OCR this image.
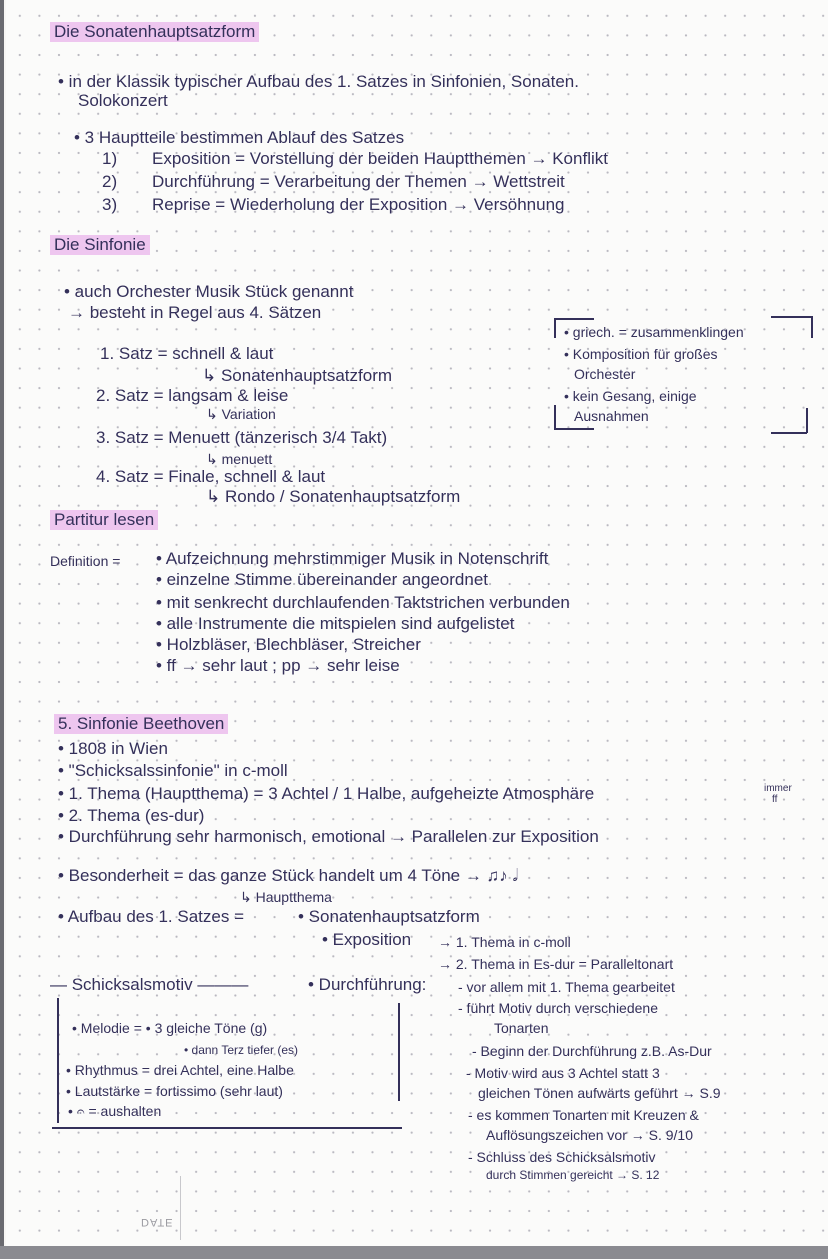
Die Sonatenhauptsatzform
• in der Klassik typischer Aufbau des 1. Satzes in Sinfonien, Sonaten.
Solokonzert
• 3 Hauptteile bestimmen Ablauf des Satzes
1) Exposition = Vorstellung der beiden Hauptthemen → Konflikt
2) Durchführung = Verarbeitung der Themen → Wettstreit
3) Reprise = Wiederholung der Exposition → Versöhnung
Die Sinfonie
• auch Orchester Musik Stück genannt
→ besteht in Regel aus 4. Sätzen
1. Satz = schnell & laut
↳ Sonatenhauptsatzform
2. Satz = langsam & leise
↳ Variation
3. Satz = Menuett (tänzerisch 3/4 Takt)
↳ menuett
4. Satz = Finale, schnell & laut
↳ Rondo / Sonatenhauptsatzform
• griech. = zusammenklingen
• Komposition für großes
Orchester
• kein Gesang, einige
Ausnahmen
Partitur lesen
Definition = • Aufzeichnung mehrstimmiger Musik in Notenschrift
• einzelne Stimme übereinander angeordnet
• mit senkrecht durchlaufenden Taktstrichen verbunden
• alle Instrumente die mitspielen sind aufgelistet
• Holzbläser, Blechbläser, Streicher
• ff → sehr laut ; pp → sehr leise
5. Sinfonie Beethoven
• 1808 in Wien
• "Schicksalssinfonie" in c-moll
• 1. Thema (Hauptthema) = 3 Achtel / 1 Halbe, aufgeheizte Atmosphäre	immer
ff
• 2. Thema (es-dur)
• Durchführung sehr harmonisch, emotional → Parallelen zur Exposition
• Besonderheit = das ganze Stück handelt um 4 Töne → ♫♪ 𝅗𝅥
↳ Hauptthema
• Aufbau des 1. Satzes =	• Sonatenhauptsatzform
• Exposition → 1. Thema in c-moll
→ 2. Thema in Es-dur = Paralleltonart
— Schicksalsmotiv ———	• Durchführung: - vor allem mit 1. Thema gearbeitet
- führt Motiv durch verschiedene
Tonarten
- Beginn der Durchführung z.B. As-Dur
- Motiv wird aus 3 Achtel statt 3
gleichen Tönen aufwärts geführt → S.9
- es kommen Tonarten mit Kreuzen &
Auflösungszeichen vor → S. 9/10
- Schluss des Schicksalsmotiv
durch Stimmen gereicht → S. 12
• Melodie = • 3 gleiche Töne (g)
• dann Terz tiefer (es)
• Rhythmus = drei Achtel, eine Halbe
• Lautstärke = fortissimo (sehr laut)
• 𝄐 = aushalten
DATE
